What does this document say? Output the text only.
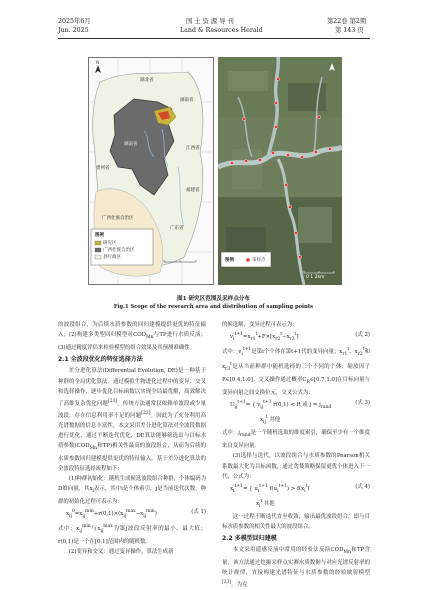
2025年6月
Jun. 2025
国 土 资 源 导 刊
Land & Resources Herald
第22卷 第2期
第 143 页
N
湖北省
湖南省
江西省
福建省
广东省
广西壮族自治区
贵州省
湖南省
图例
研究区
广西壮族自治区
县行政区
图例	采样点
0 1 2km
图1 研究区范围及采样点分布
Fig.1 Scope of the research area and distribution of sampling points

的波段组合，为后续水质参数的回归建模提供更优的特征输入；(2)构建多类型回归模型对$COD_{Mn}$与TP进行水质反演；(3)通过精度评估来检验模型的组合效果及其预测准确性。

2.1 全波段优化的特征选择方法

差分进化算法(Differential Evolution, DE)是一种基于种群的全局优化算法，通过模拟生物进化过程中的变异、交叉和选择操作，逐步优化目标函数以实现全局最优解，高效解决了高维复杂优化问题[21]。传统方法通常仅依赖单波段或少量波段，存在信息利用率不足的问题[22]。因此为了充分利用高光谱数据的信息丰富性，本文采用差分进化算法对全波段数据进行优化，通过不断迭代优化，DE算法能够筛选出与目标水质参数($COD_{Mn}$和TP)相关性最高的波段组合，从而为后续的水质参数回归建模提供更优的特征输入。基于差分进化算法的全波段特征选择流程如下：

(1)种群初始化：随机生成候选波段组合种群，个体编码为D维向量，其$x_i$表示，其中i是个体索引，j是当前迭代次数，种群的初始化过程可表示为：

$x_{ij}^0=x_{ij}^{min}+r(0,1)\times(x_{ij}^{max}-x_{ij}^{min})$	(式 1)

式中：$x_{ij}^{min}$与$x_{ij}^{max}$为第j波段反射率的最小、最大值；r(0,1)是一个在[0,1]范围内的随机数。

(2)变异和交叉：通过变异操作，算法生成新

的候选解，变异过程可表示为：

$v_i^{t+1}=x_{r1}^t+F\times[x_{r2}^t-x_{r3}^t]$	(式 2)

式中：$v_i^{t+1}$是第i个个体在第t+1代的变异向量；$x_{r1}^t$、$x_{r2}^t$和$x_{r3}^t$是从当前种群中随机选择的三个不同的个体；缩放因子F∈[0.4,1.0]。交叉操作通过概率$C_R\in[0.7,1.0]$在目标向量与变异向量之间交换位元，交叉公式为：

$U_{ij}^{t+1}=$ { $v_{ij}^{t+1}$ r(0,1) < R 或 $j = j_{rand}$
(式 3)

$x_{ij}^t$ 其他

式中：$j_{rand}$是一个随机选取的维度索引，确保至少有一个维度来自变异向量。

(3)选择与迭代，以波段组合与水质参数的Pearson相关系数最大化为目标函数，通过贪婪策略保留更优个体进入下一代，公式为：

$x_i^{t+1}=$ { $u_i^{t+1}$ $f(u_i^{t+1}) > f(x_i^t)$	(式 4)

$x_i^t$ 其他

这一过程不断迭代直至收敛，输出最优波段组合，即与目标水质参数的相关性最大的波段组合。

2.2 多模型回归建模

本文采用遥感反演中常用的经验法反演$COD_{Mn}$和TP含量，该方法通过挖掘采样点实测水质数据与对应光谱反射率的统计规律，直接构建光谱特征与水质参数的经验映射模型[23]。为克
